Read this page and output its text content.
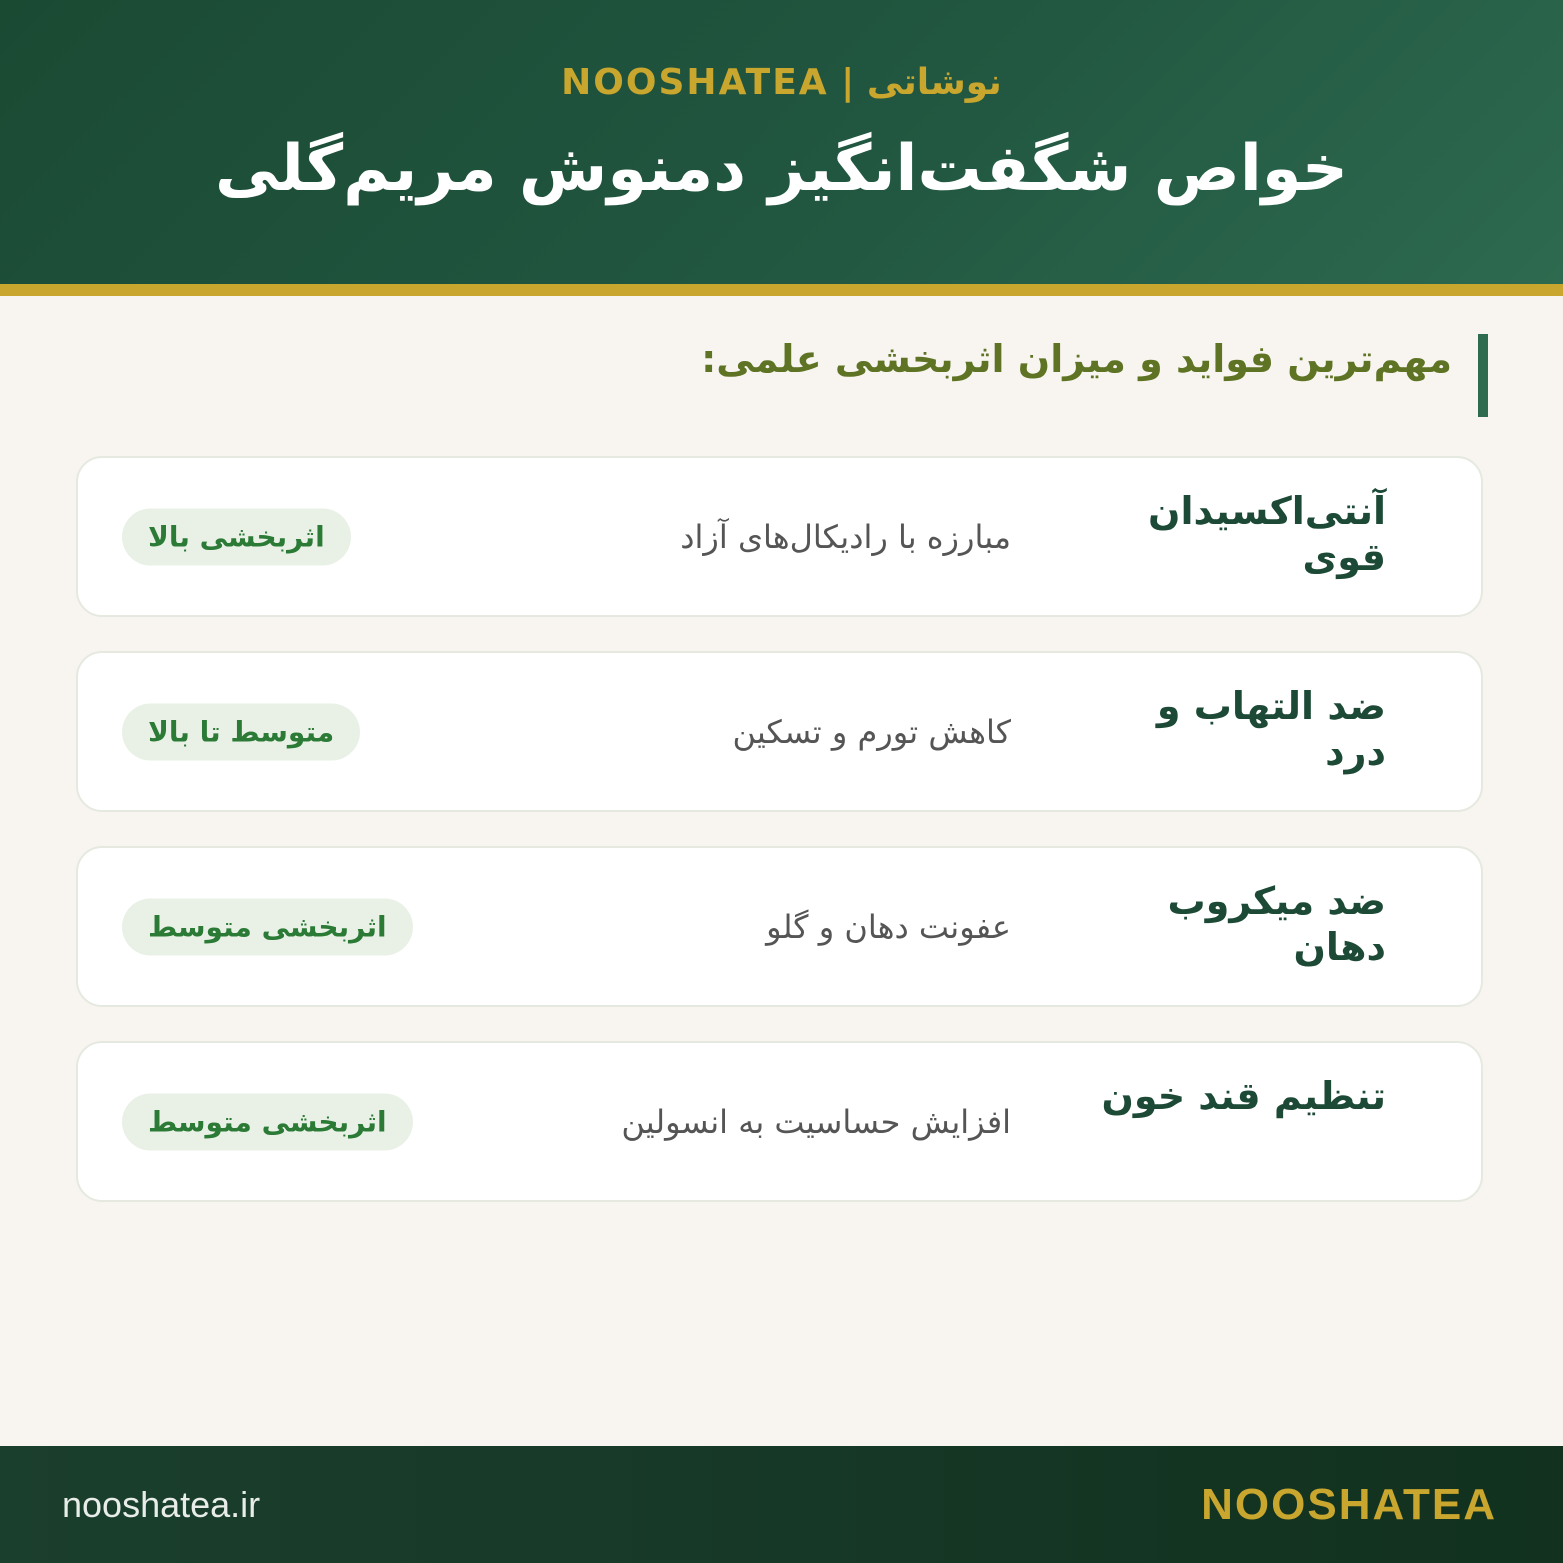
نوشاتی | NOOSHATEA
خواص شگفت‌انگیز دمنوش مریم‌گلی
مهم‌ترین فواید و میزان اثربخشی علمی:
آنتی‌اکسیدان قوی
مبارزه با رادیکال‌های آزاد
اثربخشی بالا
ضد التهاب و درد
کاهش تورم و تسکین
متوسط تا بالا
ضد میکروب دهان
عفونت دهان و گلو
اثربخشی متوسط
تنظیم قند خون
افزایش حساسیت به انسولین
اثربخشی متوسط
nooshatea.ir	NOOSHATEA
